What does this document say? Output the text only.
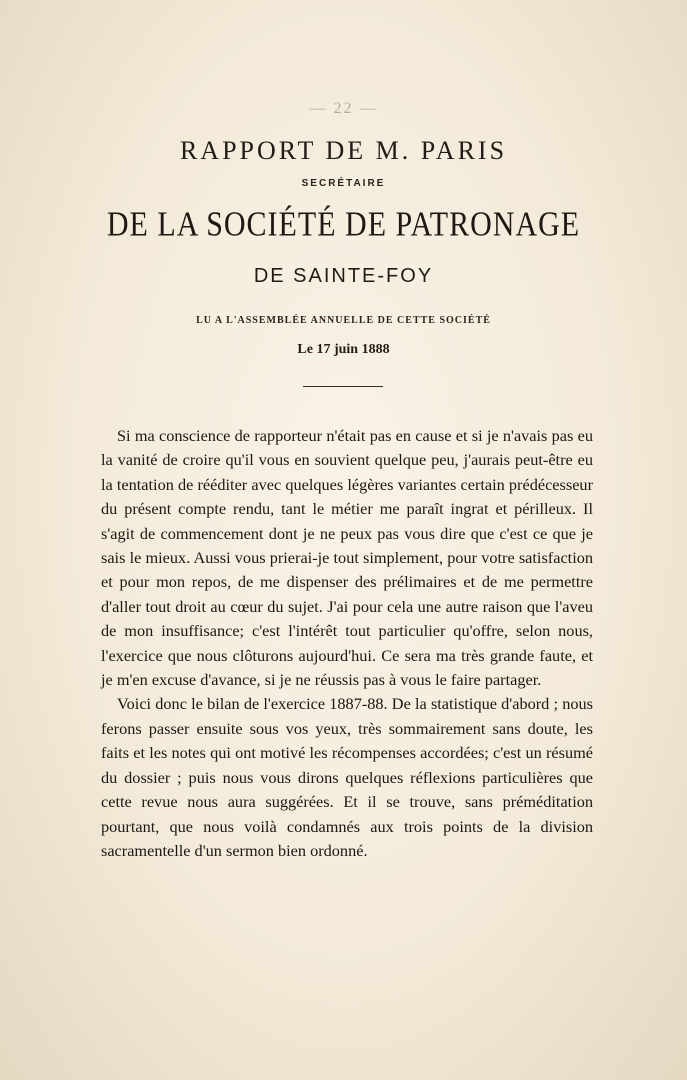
— 22 —
RAPPORT DE M. PARIS
SECRÉTAIRE
DE LA SOCIÉTÉ DE PATRONAGE
DE SAINTE-FOY
LU A L'ASSEMBLÉE ANNUELLE DE CETTE SOCIÉTÉ
Le 17 juin 1888

Si ma conscience de rapporteur n'était pas en cause et si je n'avais pas eu la vanité de croire qu'il vous en souvient quelque peu, j'aurais peut-être eu la tentation de rééditer avec quelques légères variantes certain prédécesseur du présent compte rendu, tant le métier me paraît ingrat et périlleux. Il s'agit de commencement dont je ne peux pas vous dire que c'est ce que je sais le mieux. Aussi vous prierai-je tout simplement, pour votre satisfaction et pour mon repos, de me dispenser des prélimaires et de me permettre d'aller tout droit au cœur du sujet. J'ai pour cela une autre raison que l'aveu de mon insuffisance; c'est l'intérêt tout particulier qu'offre, selon nous, l'exercice que nous clôturons aujourd'hui. Ce sera ma très grande faute, et je m'en excuse d'avance, si je ne réussis pas à vous le faire partager.

Voici donc le bilan de l'exercice 1887-88. De la statistique d'abord ; nous ferons passer ensuite sous vos yeux, très sommairement sans doute, les faits et les notes qui ont motivé les récompenses accordées; c'est un résumé du dossier ; puis nous vous dirons quelques réflexions particulières que cette revue nous aura suggérées. Et il se trouve, sans préméditation pourtant, que nous voilà condamnés aux trois points de la division sacramentelle d'un sermon bien ordonné.
